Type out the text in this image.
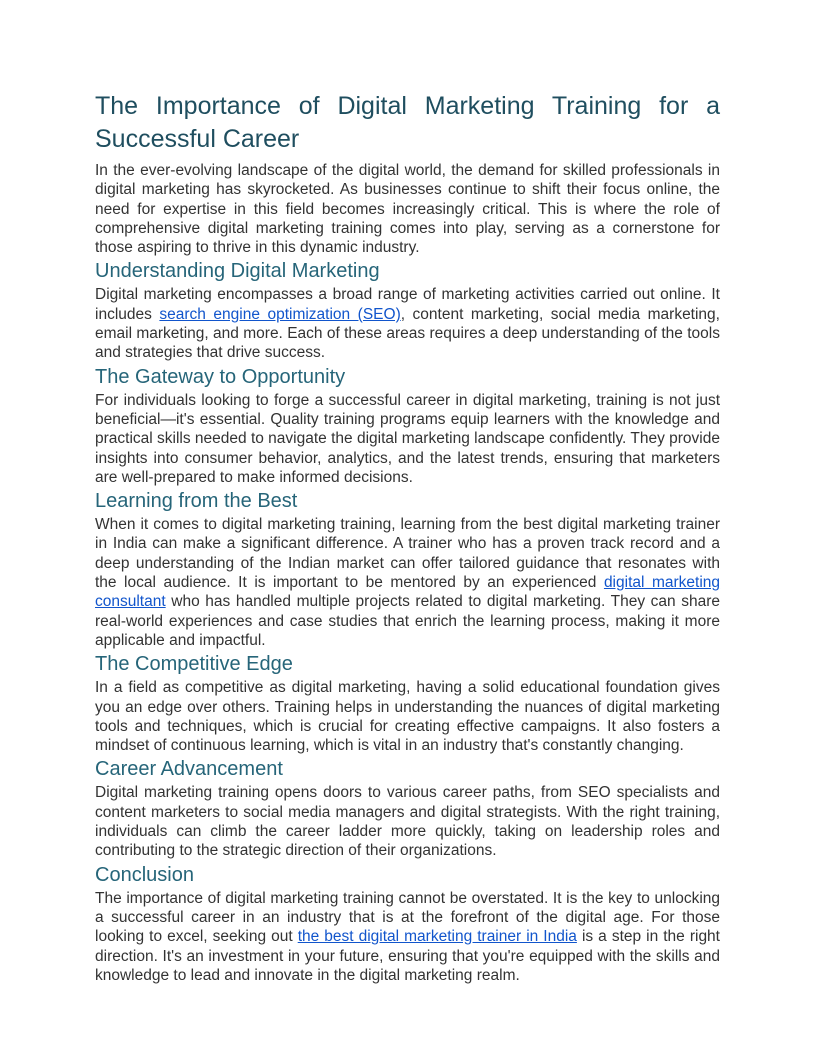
The Importance of Digital Marketing Training for a Successful Career

In the ever-evolving landscape of the digital world, the demand for skilled professionals in digital marketing has skyrocketed. As businesses continue to shift their focus online, the need for expertise in this field becomes increasingly critical. This is where the role of comprehensive digital marketing training comes into play, serving as a cornerstone for those aspiring to thrive in this dynamic industry.

Understanding Digital Marketing

Digital marketing encompasses a broad range of marketing activities carried out online. It includes search engine optimization (SEO), content marketing, social media marketing, email marketing, and more. Each of these areas requires a deep understanding of the tools and strategies that drive success.

The Gateway to Opportunity

For individuals looking to forge a successful career in digital marketing, training is not just beneficial—it's essential. Quality training programs equip learners with the knowledge and practical skills needed to navigate the digital marketing landscape confidently. They provide insights into consumer behavior, analytics, and the latest trends, ensuring that marketers are well-prepared to make informed decisions.

Learning from the Best

When it comes to digital marketing training, learning from the best digital marketing trainer in India can make a significant difference. A trainer who has a proven track record and a deep understanding of the Indian market can offer tailored guidance that resonates with the local audience. It is important to be mentored by an experienced digital marketing consultant who has handled multiple projects related to digital marketing. They can share real-world experiences and case studies that enrich the learning process, making it more applicable and impactful.

The Competitive Edge

In a field as competitive as digital marketing, having a solid educational foundation gives you an edge over others. Training helps in understanding the nuances of digital marketing tools and techniques, which is crucial for creating effective campaigns. It also fosters a mindset of continuous learning, which is vital in an industry that's constantly changing.

Career Advancement

Digital marketing training opens doors to various career paths, from SEO specialists and content marketers to social media managers and digital strategists. With the right training, individuals can climb the career ladder more quickly, taking on leadership roles and contributing to the strategic direction of their organizations.

Conclusion

The importance of digital marketing training cannot be overstated. It is the key to unlocking a successful career in an industry that is at the forefront of the digital age. For those looking to excel, seeking out the best digital marketing trainer in India is a step in the right direction. It's an investment in your future, ensuring that you're equipped with the skills and knowledge to lead and innovate in the digital marketing realm.
